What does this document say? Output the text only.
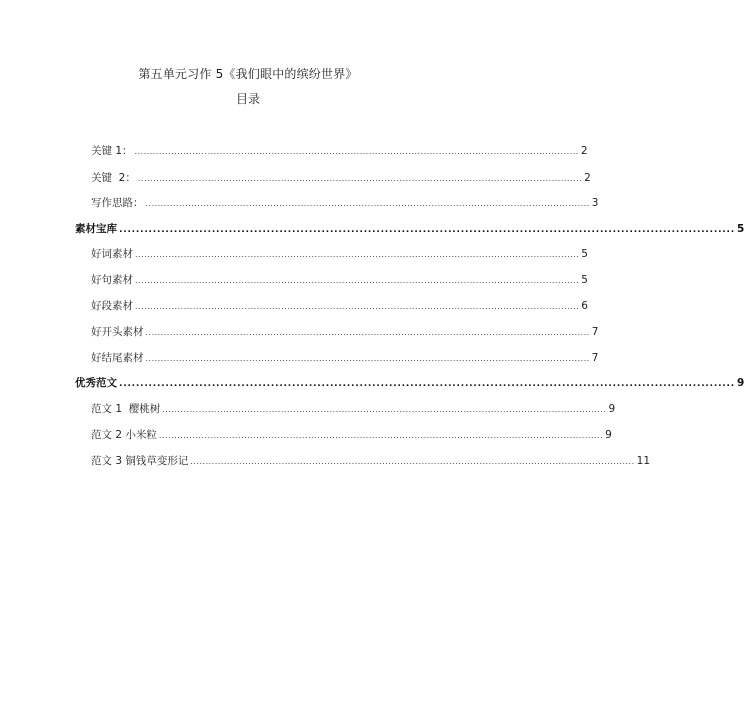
第五单元习作 5《我们眼中的缤纷世界》
目录
关键 1： .................................................................................................................................................. 2
关键  2： .................................................................................................................................................. 2
写作思路： .................................................................................................................................................. 3
素材宝库 .................................................................................................................................................. 5
好词素材 .................................................................................................................................................. 5
好句素材 .................................................................................................................................................. 5
好段素材 .................................................................................................................................................. 6
好开头素材 .................................................................................................................................................. 7
好结尾素材 .................................................................................................................................................. 7
优秀范文 .................................................................................................................................................. 9
范文 1  樱桃树 .................................................................................................................................................. 9
范文 2 小米粒 .................................................................................................................................................. 9
范文 3 铜钱草变形记 .................................................................................................................................................. 11
